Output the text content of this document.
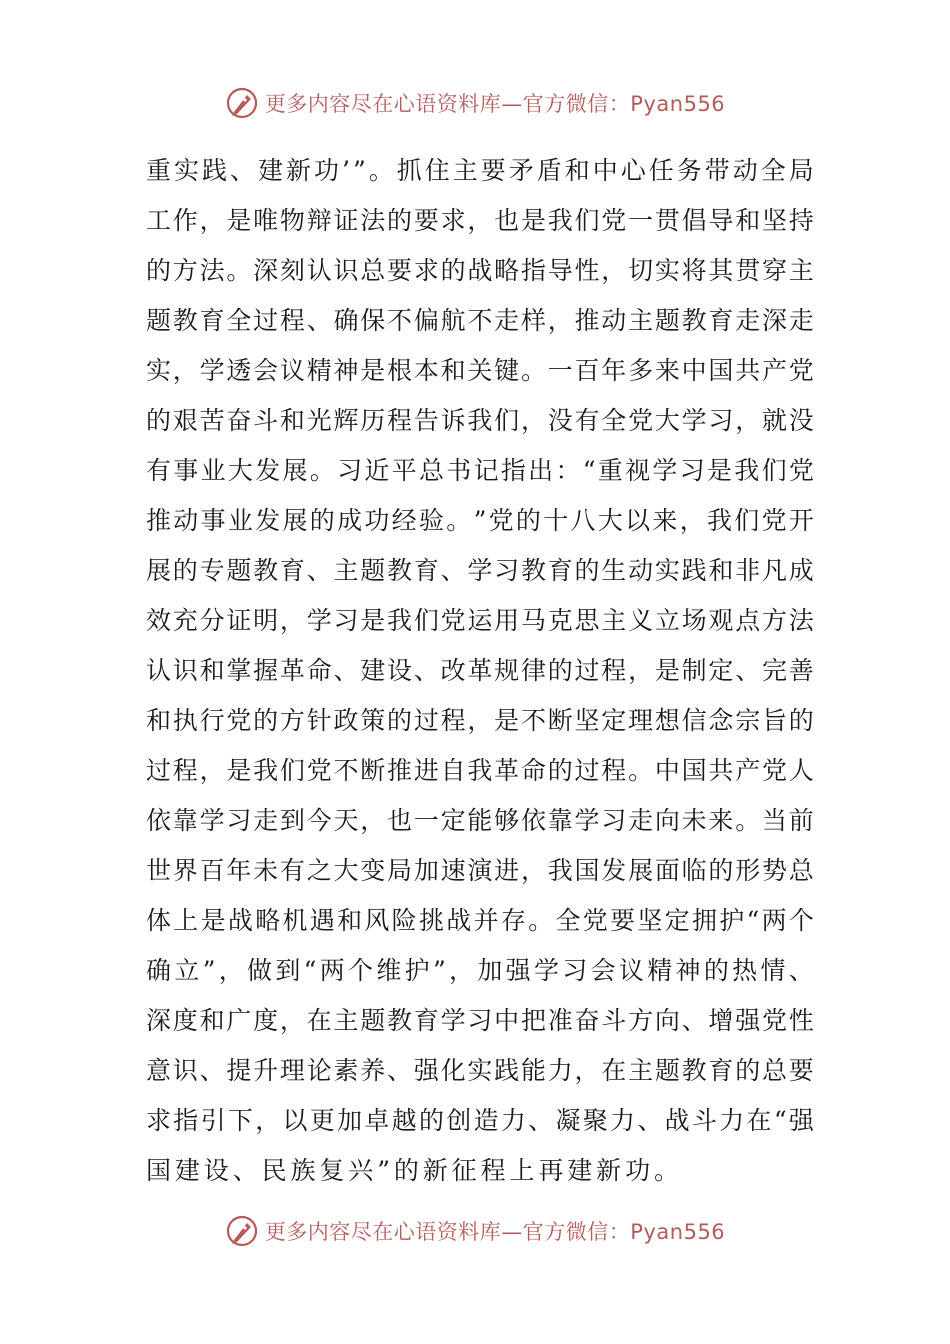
更多内容尽在心语资料库—官方微信：Pyan556
重 实 践 、 建 新 功 ’ ” 。 抓 住 主 要 矛 盾 和 中 心 任 务 带 动 全 局
工 作 ， 是 唯 物 辩 证 法 的 要 求 ， 也 是 我 们 党 一 贯 倡 导 和 坚 持
的 方 法 。 深 刻 认 识 总 要 求 的 战 略 指 导 性 ， 切 实 将 其 贯 穿 主
题 教 育 全 过 程 、 确 保 不 偏 航 不 走 样 ， 推 动 主 题 教 育 走 深 走
实 ， 学 透 会 议 精 神 是 根 本 和 关 键 。 一 百 年 多 来 中 国 共 产 党
的 艰 苦 奋 斗 和 光 辉 历 程 告 诉 我 们 ， 没 有 全 党 大 学 习 ， 就 没
有 事 业 大 发 展 。 习 近 平 总 书 记 指 出 ： “ 重 视 学 习 是 我 们 党
推 动 事 业 发 展 的 成 功 经 验 。 ” 党 的 十 八 大 以 来 ， 我 们 党 开
展 的 专 题 教 育 、 主 题 教 育 、 学 习 教 育 的 生 动 实 践 和 非 凡 成
效 充 分 证 明 ， 学 习 是 我 们 党 运 用 马 克 思 主 义 立 场 观 点 方 法
认 识 和 掌 握 革 命 、 建 设 、 改 革 规 律 的 过 程 ， 是 制 定 、 完 善
和 执 行 党 的 方 针 政 策 的 过 程 ， 是 不 断 坚 定 理 想 信 念 宗 旨 的
过 程 ， 是 我 们 党 不 断 推 进 自 我 革 命 的 过 程 。 中 国 共 产 党 人
依 靠 学 习 走 到 今 天 ， 也 一 定 能 够 依 靠 学 习 走 向 未 来 。 当 前
世 界 百 年 未 有 之 大 变 局 加 速 演 进 ， 我 国 发 展 面 临 的 形 势 总
体 上 是 战 略 机 遇 和 风 险 挑 战 并 存 。 全 党 要 坚 定 拥 护 “ 两 个
确 立 ” ， 做 到 “ 两 个 维 护 ” ， 加 强 学 习 会 议 精 神 的 热 情 、
深 度 和 广 度 ， 在 主 题 教 育 学 习 中 把 准 奋 斗 方 向 、 增 强 党 性
意 识 、 提 升 理 论 素 养 、 强 化 实 践 能 力 ， 在 主 题 教 育 的 总 要
求 指 引 下 ， 以 更 加 卓 越 的 创 造 力 、 凝 聚 力 、 战 斗 力 在 “ 强
国建设、民族复兴”的新征程上再建新功。
更多内容尽在心语资料库—官方微信：Pyan556
